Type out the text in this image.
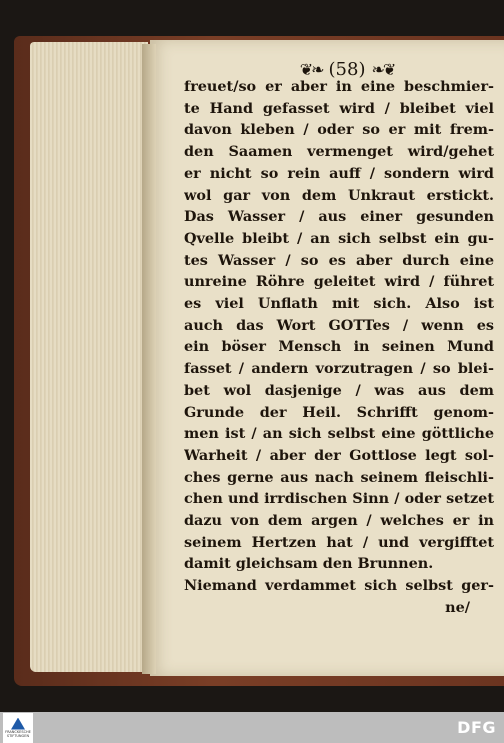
❦❧ (58) ❧❦
freuet/so er aber in eine beschmier-
te Hand gefasset wird / bleibet viel
davon kleben / oder so er mit frem-
den Saamen vermenget wird/gehet
er nicht so rein auff / sondern wird
wol gar von dem Unkraut erstickt.
Das Wasser / aus einer gesunden
Qvelle bleibt / an sich selbst ein gu-
tes Wasser / so es aber durch eine
unreine Röhre geleitet wird / führet
es viel Unflath mit sich. Also ist
auch das Wort GOTTes / wenn es
ein böser Mensch in seinen Mund
fasset / andern vorzutragen / so blei-
bet wol dasjenige / was aus dem
Grunde der Heil. Schrifft genom-
men ist / an sich selbst eine göttliche
Warheit / aber der Gottlose legt sol-
ches gerne aus nach seinem fleischli-
chen und irrdischen Sinn / oder setzet
dazu von dem argen / welches er in
seinem Hertzen hat / und vergifftet
damit gleichsam den Brunnen.
Niemand verdammet sich selbst ger-
ne/
FRANCKESCHE STIFTUNGEN	DFG
